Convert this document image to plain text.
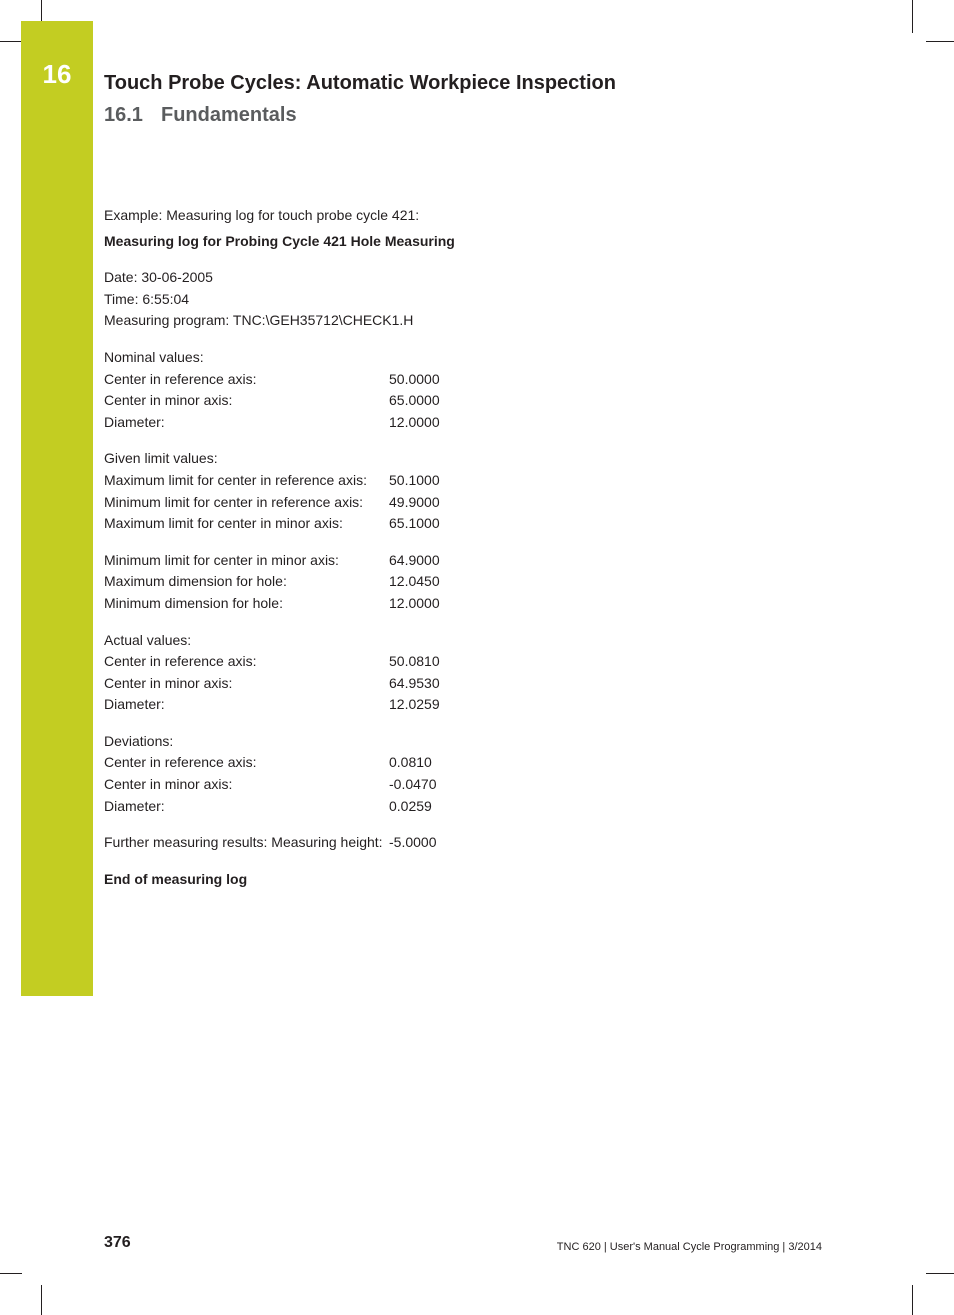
16	Touch Probe Cycles: Automatic Workpiece Inspection
16.1 Fundamentals

Example: Measuring log for touch probe cycle 421:

Measuring log for Probing Cycle 421 Hole Measuring

Date: 30-06-2005

Time: 6:55:04

Measuring program: TNC:\GEH35712\CHECK1.H

Nominal values:

Center in reference axis:	50.0000
Center in minor axis:	65.0000
Diameter:	12.0000

Given limit values:

Maximum limit for center in reference axis:	50.1000
Minimum limit for center in reference axis:	49.9000
Maximum limit for center in minor axis:	65.1000
Minimum limit for center in minor axis:	64.9000
Maximum dimension for hole:	12.0450
Minimum dimension for hole:	12.0000

Actual values:

Center in reference axis:	50.0810
Center in minor axis:	64.9530
Diameter:	12.0259

Deviations:

Center in reference axis:	0.0810
Center in minor axis:	-0.0470
Diameter:	0.0259
Further measuring results: Measuring height: -5.0000

End of measuring log

376	TNC 620 | User's Manual Cycle Programming | 3/2014
